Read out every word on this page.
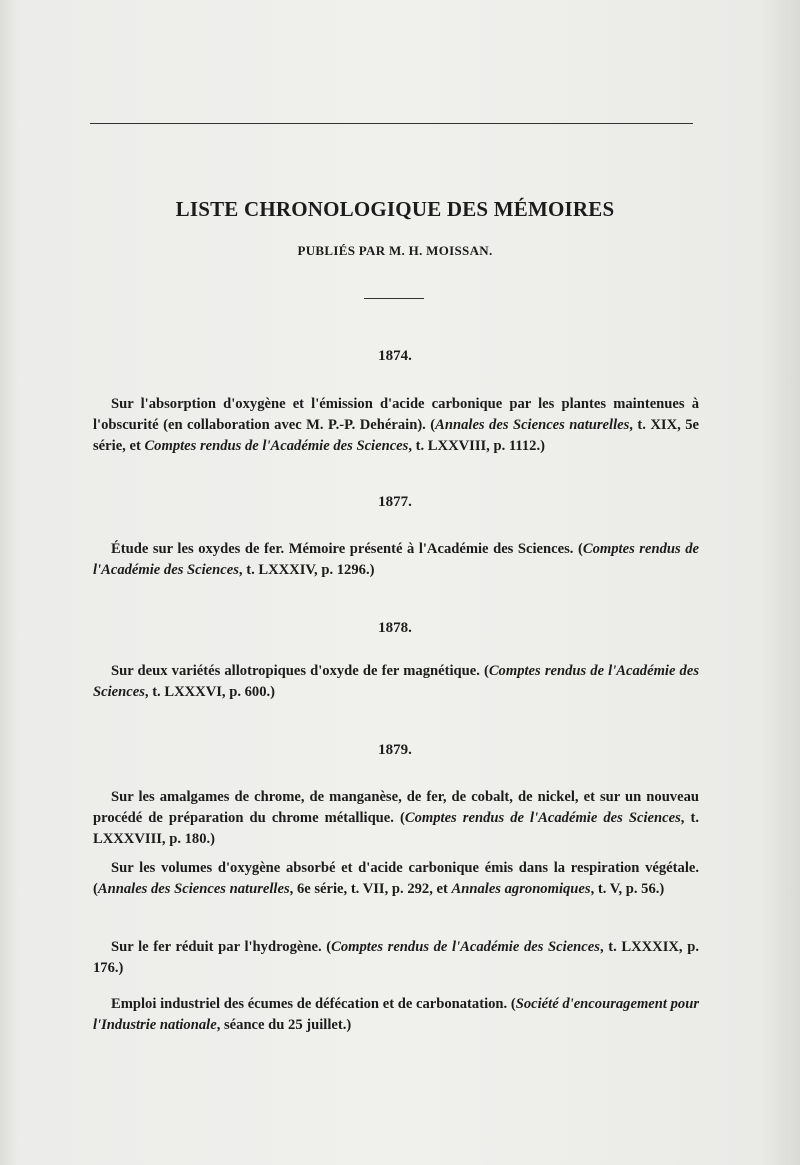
LISTE CHRONOLOGIQUE DES MÉMOIRES
PUBLIÉS PAR M. H. MOISSAN.
1874.
Sur l'absorption d'oxygène et l'émission d'acide carbonique par les plantes maintenues à l'obscurité (en collaboration avec M. P.-P. Dehérain). (Annales des Sciences naturelles, t. XIX, 5e série, et Comptes rendus de l'Académie des Sciences, t. LXXVIII, p. 1112.)
1877.
Étude sur les oxydes de fer. Mémoire présenté à l'Académie des Sciences. (Comptes rendus de l'Académie des Sciences, t. LXXXIV, p. 1296.)
1878.
Sur deux variétés allotropiques d'oxyde de fer magnétique. (Comptes rendus de l'Académie des Sciences, t. LXXXVI, p. 600.)
1879.
Sur les amalgames de chrome, de manganèse, de fer, de cobalt, de nickel, et sur un nouveau procédé de préparation du chrome métallique. (Comptes rendus de l'Académie des Sciences, t. LXXXVIII, p. 180.)
Sur les volumes d'oxygène absorbé et d'acide carbonique émis dans la respiration végétale. (Annales des Sciences naturelles, 6e série, t. VII, p. 292, et Annales agronomiques, t. V, p. 56.)
Sur le fer réduit par l'hydrogène. (Comptes rendus de l'Académie des Sciences, t. LXXXIX, p. 176.)
Emploi industriel des écumes de défécation et de carbonatation. (Société d'encouragement pour l'Industrie nationale, séance du 25 juillet.)
